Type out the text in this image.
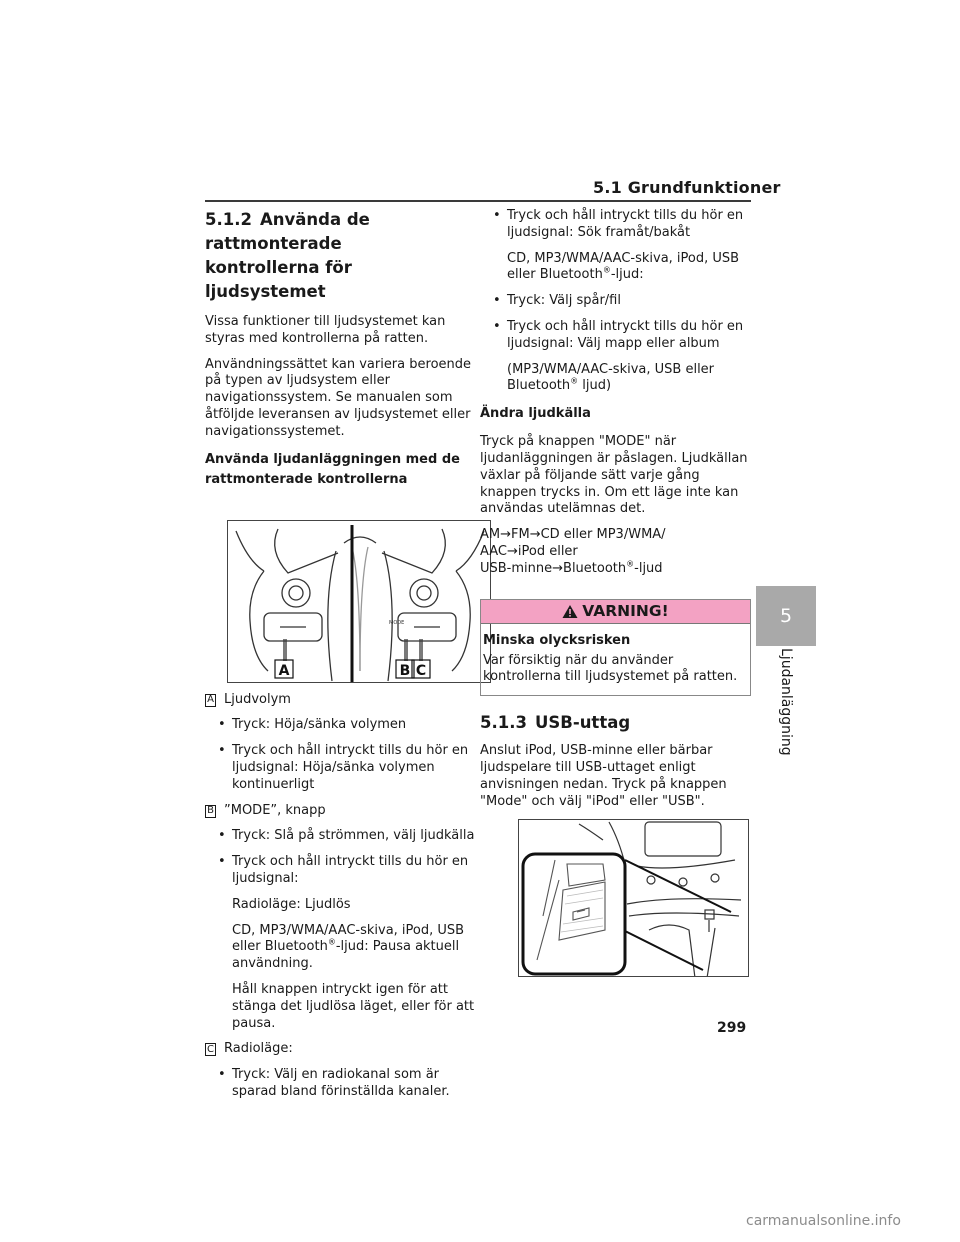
5.1 Grundfunktioner
5.1.2 Använda de rattmonterade
kontrollerna för ljudsystemet

Vissa funktioner till ljudsystemet kan styras med kontrollerna på ratten.

Användningssättet kan variera beroende på typen av ljudsystem eller navigationssystem. Se manualen som åtföljde leveransen av ljudsystemet eller navigationssystemet.

Använda ljudanläggningen med de
rattmonterade kontrollerna
MODE
A	B C
A Ljudvolym

• Tryck: Höja/sänka volymen

• Tryck och håll intryckt tills du hör en ljudsignal: Höja/sänka volymen kontinuerligt

B ”MODE”, knapp

• Tryck: Slå på strömmen, välj ljudkälla

• Tryck och håll intryckt tills du hör en ljudsignal:

Radioläge: Ljudlös

CD, MP3/WMA/AAC-skiva, iPod, USB eller Bluetooth®-ljud: Pausa aktuell användning.

Håll knappen intryckt igen för att stänga det ljudlösa läget, eller för att pausa.

C Radioläge:

• Tryck: Välj en radiokanal som är sparad bland förinställda kanaler.

• Tryck och håll intryckt tills du hör en ljudsignal: Sök framåt/bakåt

CD, MP3/WMA/AAC-skiva, iPod, USB eller Bluetooth®-ljud:

• Tryck: Välj spår/fil

• Tryck och håll intryckt tills du hör en ljudsignal: Välj mapp eller album

(MP3/WMA/AAC-skiva, USB eller
Bluetooth® ljud)

Ändra ljudkälla

Tryck på knappen "MODE" när ljudanläggningen är påslagen. Ljudkällan växlar på följande sätt varje gång knappen trycks in. Om ett läge inte kan användas utelämnas det.

AM→FM→CD eller MP3/WMA/
AAC→iPod eller
USB-minne→Bluetooth®-ljud

VARNING!
Minska olycksrisken

Var försiktig när du använder kontrollerna till ljudsystemet på ratten.

5.1.3 USB-uttag

Anslut iPod, USB-minne eller bärbar ljudspelare till USB-uttaget enligt anvisningen nedan. Tryck på knappen "Mode" och välj "iPod" eller "USB".

5
Ljudanläggning
299
carmanualsonline.info
